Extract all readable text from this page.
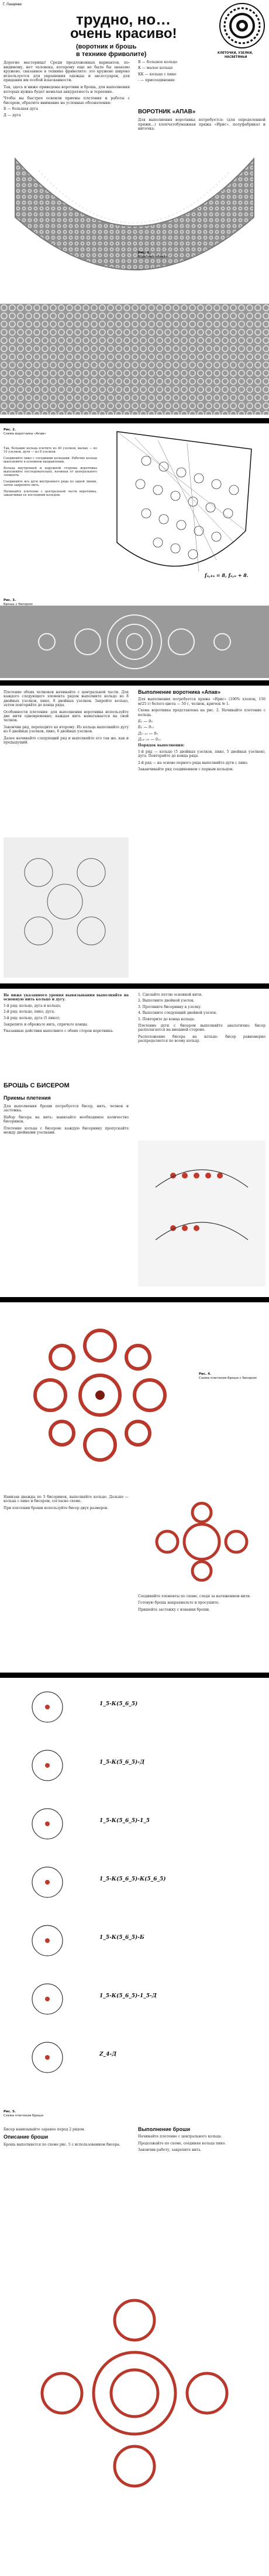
Т. Лазарева
трудно, но…
очень красиво!
(воротник и брошь
в технике фриволите)	КЛЕТОЧКИ, УЗЕЛКИ,
НАСВЕТЯНЬИ

Дорогие мастерицы! Среди предложенных вариантов, по-видимому, нет человека, которому еще не было бы знакомо кружево, связанное в технике фриволите: это кружево широко используется для украшения одежды и аксессуаров, для придания им особой изысканности.

Так, здесь и ниже приведены воротник и брошь, для выполнения которых нужна будет немалая аккуратность и терпение.

Чтобы вы быстрее освоили приемы плетения и работы с бисером, обратите внимание на условные обозначения:

Б — большая дуга

Д — дуга

В — большое кольцо

К — малое кольцо

КК — кольцо с пико

- — присоединение

ВОРОТНИК «АПАВ»

Для выполнения воротника потребуется: (для определенной пряжи…) хлопчатобумажная пряжа «Ирис», полуфабрикат и ниточка.

Рис. 1.
Воротник «Апав»
Рис. 2.
Схема воротника «Апав»

Так, большие кольца плетите из 40 узелков, малые — из 10 узелков, дуги — из 8 узелков.

Соединяйте пико с соседними кольцами. Рабочие кольца выполняйте в основном направлении.

Кольца внутренней и наружной стороны воротника выполняйте последовательно, начиная от центрального элемента.

Соединяйте все дуги внутреннего ряда по одной линии, затем закрепите нить.

Начинайте плетение с центральной части воротника, заканчивая ее последним кольцом.

fₙ,₁ₙ = 8, fₙ,ₙ + 8.
Рис. 3.
Брошь с бисером

Плетение обоих челноков начинайте с центральной части. Для каждого следующего элемента рядом выполните кольцо из 8 двойных узелков, пико, 8 двойных узелков. Закройте кольцо, затем повторяйте до конца ряда.

Особенности плетения: для выполнения воротника используйте две нити одновременно; каждая нить наматывается на свой челнок.

Закончив ряд, переходите ко второму. Из кольца выполняйте дугу из 6 двойных узелков, пико, 6 двойных узелков.

Далее начинайте следующий ряд и выполняйте его так же, как и предыдущий.

Выполнение воротника «Апав»

Для выполнения потребуется пряжа «Ирис» (100% хлопок, 150 м/25 г) белого цвета — 50 г, челнок, крючок № 1.

Схема воротника представлена на рис. 2. Начинайте плетение с кольца.

Б₁ — 9₉

Б₂ — 9₁₁

Д₁₋₁₅ — 9₉

Д₁₆₋₁₉ — 9₁₁

Порядок выполнения:

1-й ряд — кольцо (5 двойных узелков, пико, 5 двойных узелков), дуга. Повторяйте до конца ряда.

2-й ряд — на основе первого ряда выполняйте дуги с пико.

Заканчивайте ряд соединением с первым кольцом.

Не ниже указанного уровня вывязывания выполняйте на основную нить кольцо и дугу.

1-й ряд: кольцо, дуга и кольцо;

2-й ряд: кольцо, пико, дуга;

3-й ряд: кольцо, дуга (5 пико);

Закрепите и обрежьте нить, спрячьте концы.

Указанные действия выполните с обеих сторон воротника.

БРОШЬ С БИСЕРОМ
Приемы плетения

Для выполнения броши потребуется бисер, нить, челнок и застежка.

Набор бисера на нить: нанизайте необходимое количество бисеринок.

Плетение кольца с бисером: каждую бисеринку пропускайте между двойными узелками.

1. Сделайте петлю основной нити.

2. Выполните двойной узелок.

3. Протяните бисеринку к узелку.

4. Выполните следующий двойной узелок.

5. Повторите до конца кольца.

Плетение дуги с бисером выполняйте аналогично: бисер располагается на внешней стороне.

Расположение бисера на кольце: бисер равномерно распределяется по всему кольцу.

Рис. 4.
Схема плетения броши с бисером

Нанизав дважды по 5 бисеринок, выполняйте кольцо. Дальше — кольца с пико и бисером, согласно схеме.

При плетении броши используйте бисер двух размеров.

Соединяйте элементы по схеме, следя за натяжением нити.

Готовую брошь накрахмальте и просушите.

Пришейте застежку с изнанки броши.

1_5-К(5_6_5)
1_5-К(5_6_5)-Д
1_5-К(5_6_5)-1_5
1_5-К(5_6_5)-К(5_6_5)
1_5-К(5_6_5)-Б
1_5-К(5_6_5)-1_5-Д
Z_4-Д
Рис. 5.
Схема плетения броши

Бисер нанизывайте заранее перед 2 рядом.

Описание броши

Брошь выполняется по схеме рис. 5 с использованием бисера.

Выполнение броши

Начинайте плетение с центрального кольца.

Продолжайте по схеме, соединяя кольца пико.

Закончив работу, закрепите нить.
